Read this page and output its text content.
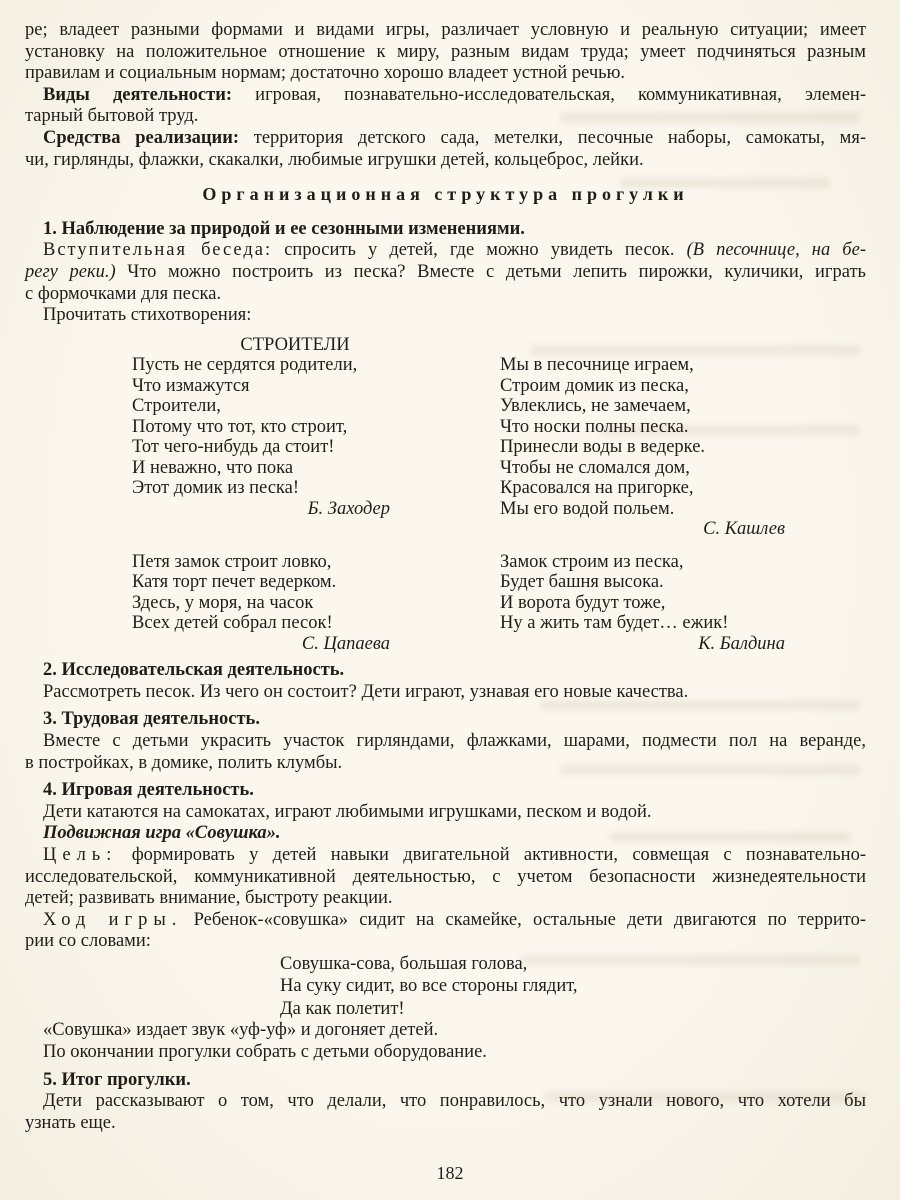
ре; владеет разными формами и видами игры, различает условную и реальную ситуации; имеет
установку на положительное отношение к миру, разным видам труда; умеет подчиняться разным
правилам и социальным нормам; достаточно хорошо владеет устной речью.
Виды деятельности: игровая, познавательно-исследовательская, коммуникативная, элемен-
тарный бытовой труд.
Средства реализации: территория детского сада, метелки, песочные наборы, самокаты, мя-
чи, гирлянды, флажки, скакалки, любимые игрушки детей, кольцеброс, лейки.
Организационная структура прогулки
1. Наблюдение за природой и ее сезонными изменениями.
Вступительная беседа: спросить у детей, где можно увидеть песок. (В песочнице, на бе-
регу реки.) Что можно построить из песка? Вместе с детьми лепить пирожки, куличики, играть
с формочками для песка.
Прочитать стихотворения:
СТРОИТЕЛИ
Пусть не сердятся родители,
Что измажутся
Строители,
Потому что тот, кто строит,
Тот чего-нибудь да стоит!
И неважно, что пока
Этот домик из песка!
Б. Заходер
Мы в песочнице играем,
Строим домик из песка,
Увлеклись, не замечаем,
Что носки полны песка.
Принесли воды в ведерке.
Чтобы не сломался дом,
Красовался на пригорке,
Мы его водой польем.
С. Кашлев
Петя замок строит ловко,
Катя торт печет ведерком.
Здесь, у моря, на часок
Всех детей собрал песок!
С. Цапаева
Замок строим из песка,
Будет башня высока.
И ворота будут тоже,
Ну а жить там будет… ежик!
К. Балдина
2. Исследовательская деятельность.
Рассмотреть песок. Из чего он состоит? Дети играют, узнавая его новые качества.
3. Трудовая деятельность.
Вместе с детьми украсить участок гирляндами, флажками, шарами, подмести пол на веранде,
в постройках, в домике, полить клумбы.
4. Игровая деятельность.
Дети катаются на самокатах, играют любимыми игрушками, песком и водой.
Подвижная игра «Совушка».
Цель: формировать у детей навыки двигательной активности, совмещая с познавательно-
исследовательской, коммуникативной деятельностью, с учетом безопасности жизнедеятельности
детей; развивать внимание, быстроту реакции.
Ход игры. Ребенок-«совушка» сидит на скамейке, остальные дети двигаются по террито-
рии со словами:
Совушка-сова, большая голова,
На суку сидит, во все стороны глядит,
Да как полетит!
«Совушка» издает звук «уф-уф» и догоняет детей.
По окончании прогулки собрать с детьми оборудование.
5. Итог прогулки.
Дети рассказывают о том, что делали, что понравилось, что узнали нового, что хотели бы
узнать еще.
182
